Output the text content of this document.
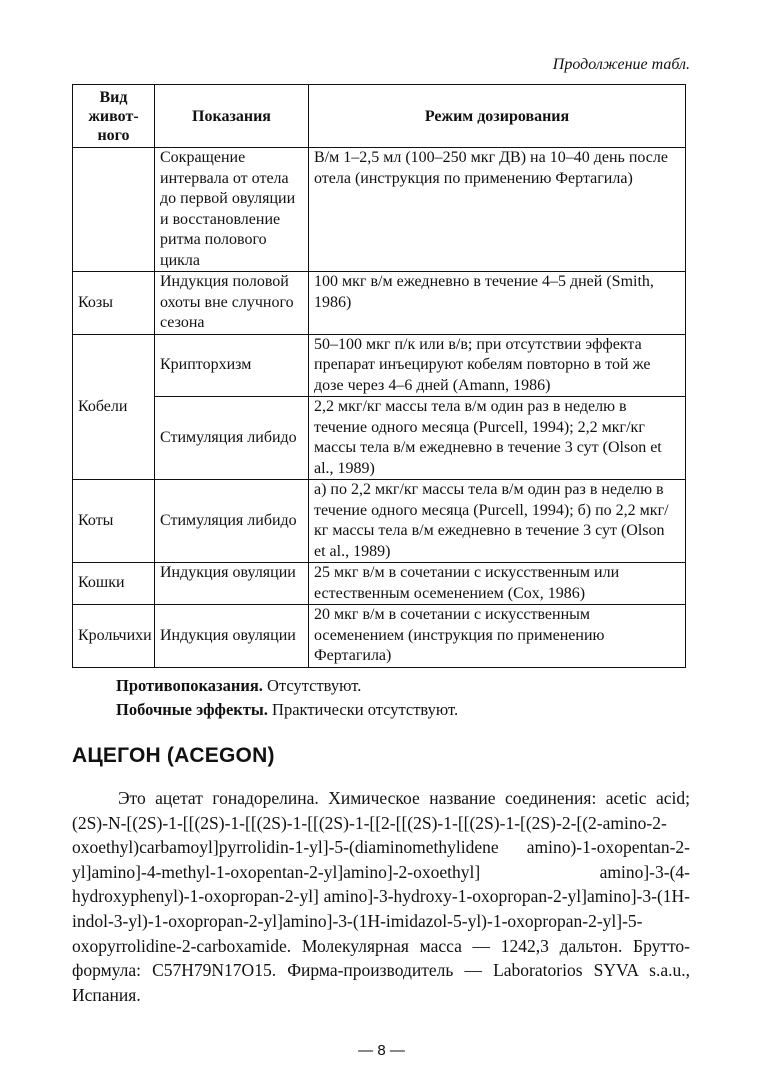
Продолжение табл.
Вид живот-ного	Показания	Режим дозирования
	Сокращение интервала от отела до первой овуляции и восстановление ритма полового цикла	В/м 1–2,5 мл (100–250 мкг ДВ) на 10–40 день после отела (инструкция по применению Фертагила)
Козы	Индукция половой охоты вне случного сезона	100 мкг в/м ежедневно в течение 4–5 дней (Smith, 1986)
Кобели	Крипторхизм	50–100 мкг п/к или в/в; при отсутствии эффекта препарат инъецируют кобелям повторно в той же дозе через 4–6 дней (Amann, 1986)
	Стимуляция либидо	2,2 мкг/кг массы тела в/м один раз в неделю в течение одного месяца (Purcell, 1994); 2,2 мкг/кг массы тела в/м ежедневно в течение 3 сут (Olson et al., 1989)
Коты	Стимуляция либидо	а) по 2,2 мкг/кг массы тела в/м один раз в неделю в течение одного месяца (Purcell, 1994); б) по 2,2 мкг/кг массы тела в/м ежедневно в течение 3 сут (Olson et al., 1989)
Кошки	Индукция овуляции	25 мкг в/м в сочетании с искусственным или естественным осеменением (Cox, 1986)
Крольчихи	Индукция овуляции	20 мкг в/м в сочетании с искусственным осеменением (инструкция по применению Фертагила)
Противопоказания. Отсутствуют.
Побочные эффекты. Практически отсутствуют.
АЦЕГОН (ACEGON)
Это ацетат гонадорелина. Химическое название соединения: acetic acid; (2S)-N-[(2S)-1-[[(2S)-1-[[(2S)-1-[[(2S)-1-[[2-[[(2S)-1-[[(2S)-1-[(2S)-2-[(2-amino-2-oxoethyl)carbamoyl]pyrrolidin-1-yl]-5-(diaminomethylidene amino)-1-oxopentan-2-yl]amino]-4-methyl-1-oxopentan-2-yl]amino]-2-oxoethyl] amino]-3-(4-hydroxyphenyl)-1-oxopropan-2-yl] amino]-3-hydroxy-1-oxopropan-2-yl]amino]-3-(1H-indol-3-yl)-1-oxopropan-2-yl]amino]-3-(1H-imidazol-5-yl)-1-oxopropan-2-yl]-5-oxopyrrolidine-2-carboxamide. Молекулярная масса — 1242,3 дальтон. Брутто-формула: C57H79N17O15. Фирма-производитель — Laboratorios SYVA s.a.u., Испания.
— 8 —
